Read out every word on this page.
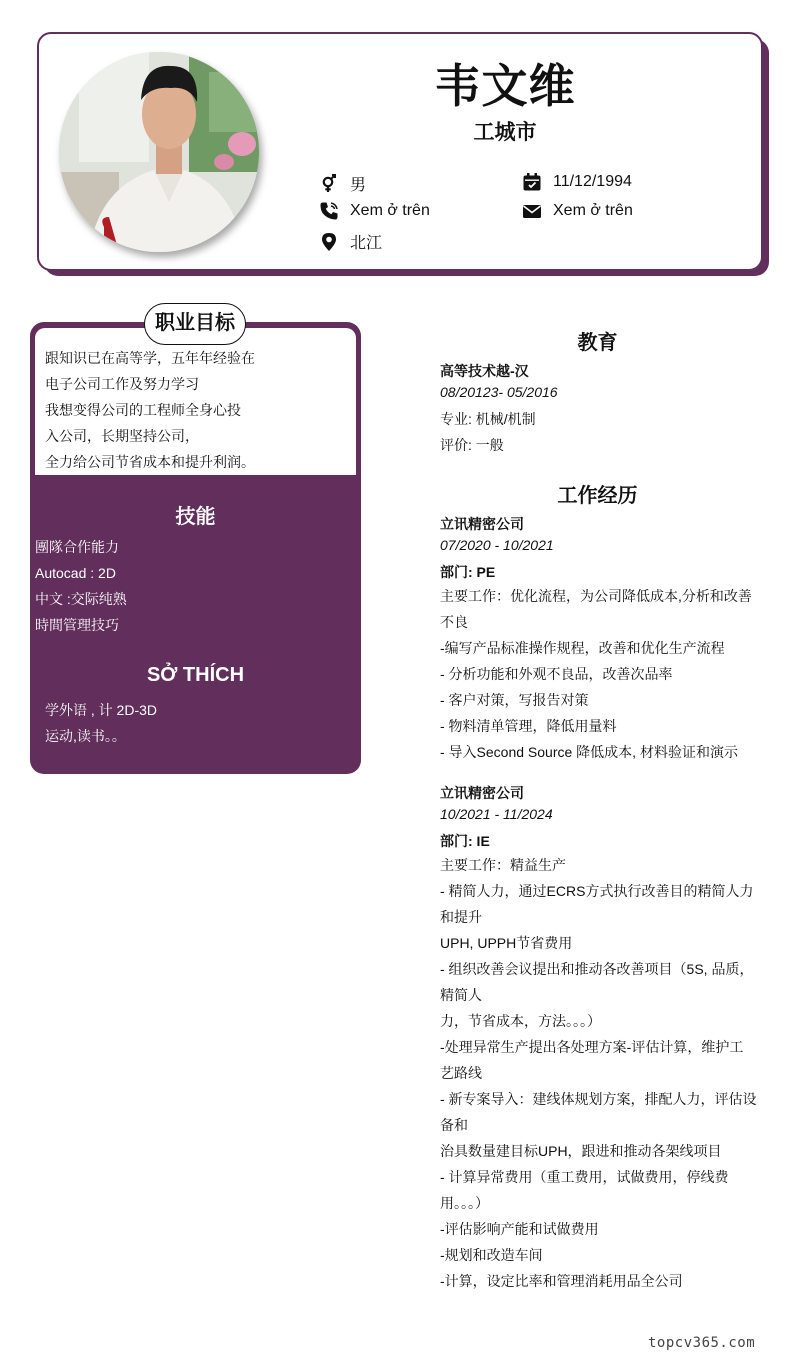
韦文维
工城市
男	11/12/1994
Xem ở trên	Xem ở trên
北江
职业目标
跟知识已在高等学，五年年经验在
电子公司工作及努力学习
我想变得公司的工程师全身心投
入公司，长期坚持公司，
全力给公司节省成本和提升利润。
技能
團隊合作能力
Autocad : 2D
中文 :交际纯熟
時間管理技巧
SỞ THÍCH
学外语 , 计 2D-3D
运动,读书。。
教育
高等技术越-汉
08/20123- 05/2016
专业: 机械/机制
评价: 一般
工作经历
立讯精密公司
07/2020 - 10/2021
部门: PE
主要工作：优化流程，为公司降低成本,分析和改善
不良
-编写产品标准操作规程，改善和优化生产流程
- 分析功能和外观不良品，改善次品率
- 客户对策，写报告对策
- 物料清单管理，降低用量料
- 导入Second Source 降低成本, 材料验证和演示
立讯精密公司
10/2021 - 11/2024
部门: IE
主要工作：精益生产
- 精简人力，通过ECRS方式执行改善目的精简人力
和提升
UPH, UPPH节省费用
- 组织改善会议提出和推动各改善项目（5S, 品质，
精简人
力，节省成本，方法。。。）
-处理异常生产提出各处理方案-评估计算，维护工
艺路线
- 新专案导入：建线体规划方案，排配人力，评估设
备和
治具数量建目标UPH，跟进和推动各架线项目
- 计算异常费用（重工费用，试做费用，停线费
用。。。）
-评估影响产能和试做费用
-规划和改造车间
-计算，设定比率和管理消耗用品全公司
topcv365.com
